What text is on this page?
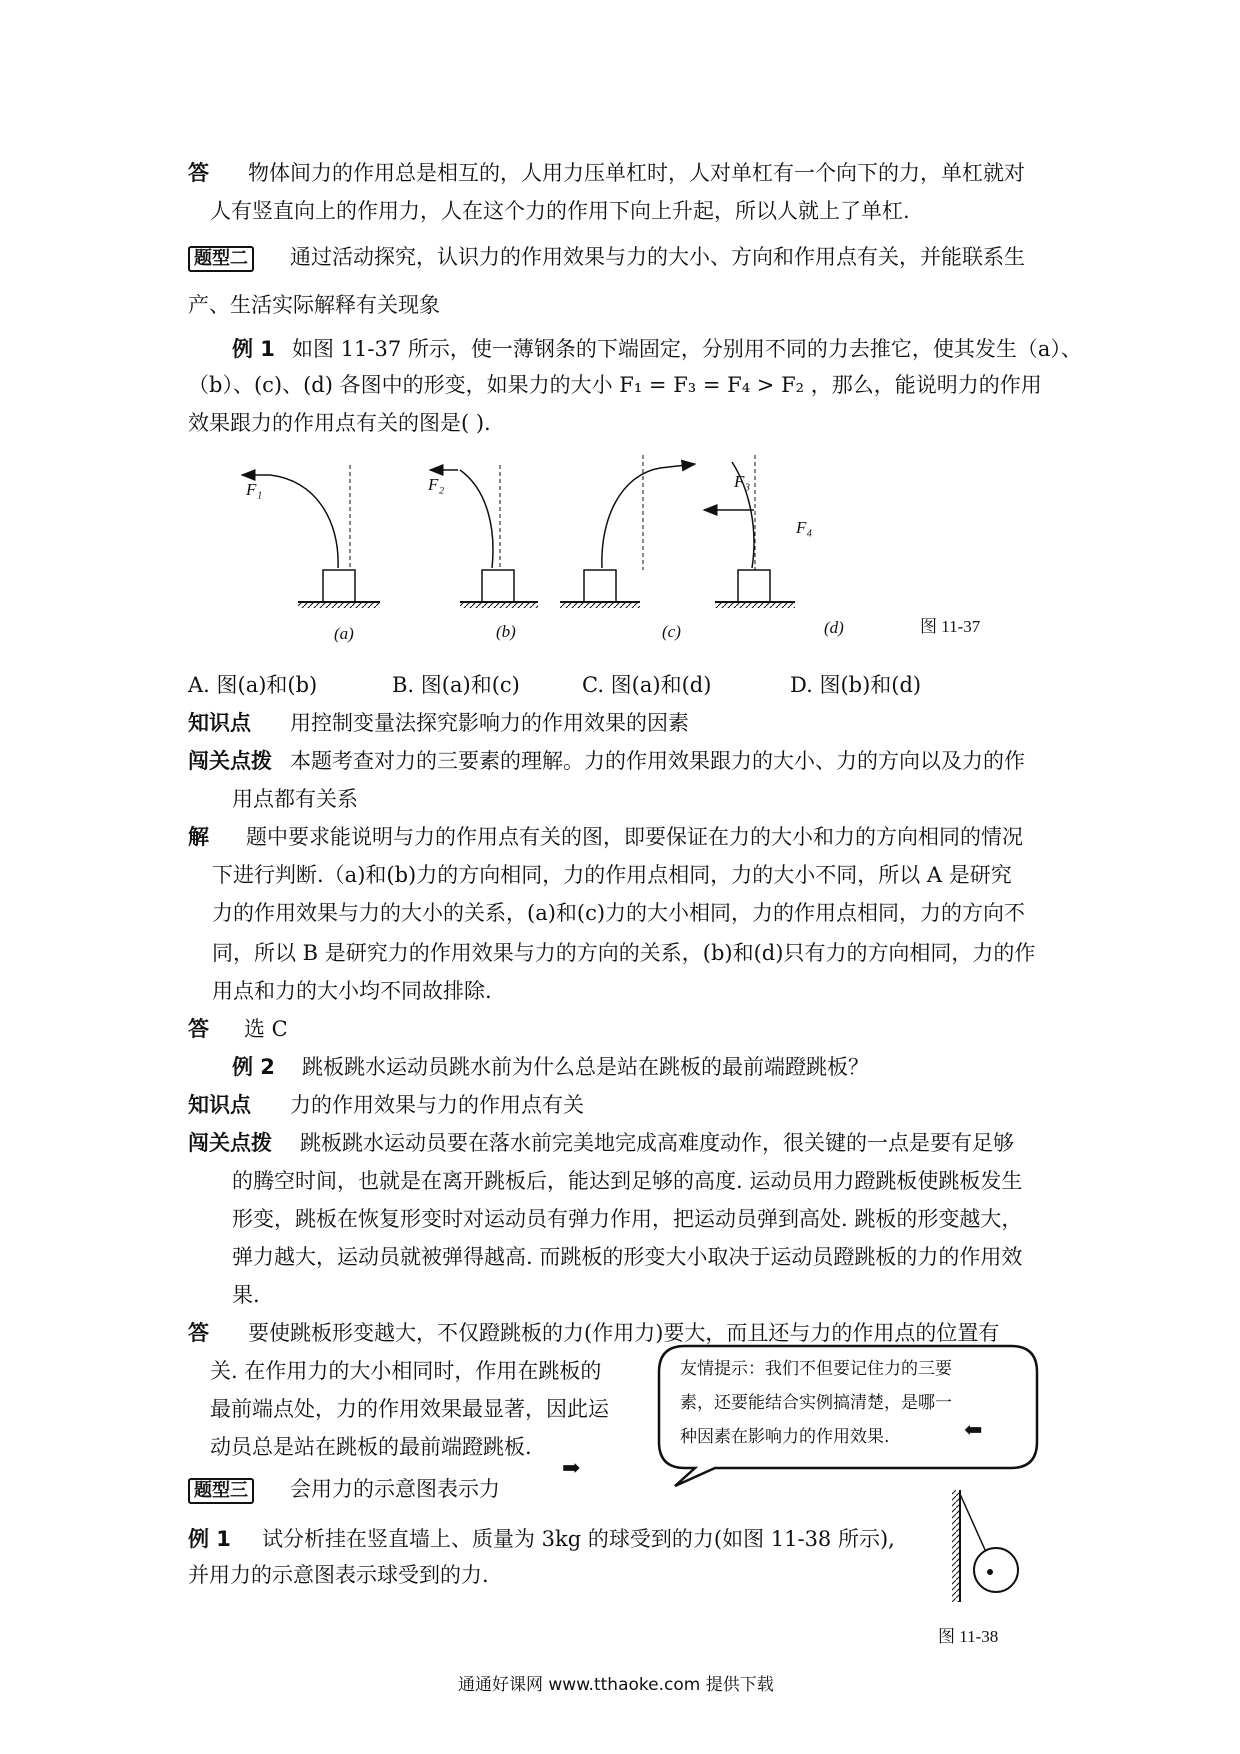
答 物体间力的作用总是相互的，人用力压单杠时，人对单杠有一个向下的力，单杠就对
人有竖直向上的作用力，人在这个力的作用下向上升起，所以人就上了单杠.
题型二 通过活动探究，认识力的作用效果与力的大小、方向和作用点有关，并能联系生
产、生活实际解释有关现象
例 1 如图 11-37 所示，使一薄钢条的下端固定，分别用不同的力去推它，使其发生（a）、
（b）、(c)、(d) 各图中的形变，如果力的大小 F₁ = F₃ = F₄ > F₂ ，那么，能说明力的作用
效果跟力的作用点有关的图是( ).
F₁	F₂	F₃
F₄
(a)	(b)	(c)	(d)	图 11-37
A. 图(a)和(b)	B. 图(a)和(c)	C. 图(a)和(d)	D. 图(b)和(d)
知识点 用控制变量法探究影响力的作用效果的因素
闯关点拨 本题考查对力的三要素的理解。力的作用效果跟力的大小、力的方向以及力的作
用点都有关系
解 题中要求能说明与力的作用点有关的图，即要保证在力的大小和力的方向相同的情况
下进行判断.（a)和(b)力的方向相同，力的作用点相同，力的大小不同，所以 A 是研究
力的作用效果与力的大小的关系，(a)和(c)力的大小相同，力的作用点相同，力的方向不
同，所以 B 是研究力的作用效果与力的方向的关系，(b)和(d)只有力的方向相同，力的作
用点和力的大小均不同故排除.
答 选 C
例 2 跳板跳水运动员跳水前为什么总是站在跳板的最前端蹬跳板？
知识点 力的作用效果与力的作用点有关
闯关点拨 跳板跳水运动员要在落水前完美地完成高难度动作，很关键的一点是要有足够
的腾空时间，也就是在离开跳板后，能达到足够的高度. 运动员用力蹬跳板使跳板发生
形变，跳板在恢复形变时对运动员有弹力作用，把运动员弹到高处. 跳板的形变越大，
弹力越大，运动员就被弹得越高. 而跳板的形变大小取决于运动员蹬跳板的力的作用效
果.
答 要使跳板形变越大，不仅蹬跳板的力(作用力)要大，而且还与力的作用点的位置有
关. 在作用力的大小相同时，作用在跳板的
最前端点处，力的作用效果最显著，因此运
动员总是站在跳板的最前端蹬跳板.
友情提示：我们不但要记住力的三要
素，还要能结合实例搞清楚，是哪一
种因素在影响力的作用效果.	⬅
题型三 会用力的示意图表示力
➡
例 1 试分析挂在竖直墙上、质量为 3kg 的球受到的力(如图 11-38 所示),
并用力的示意图表示球受到的力.
图 11-38
通通好课网 www.tthaoke.com 提供下载
